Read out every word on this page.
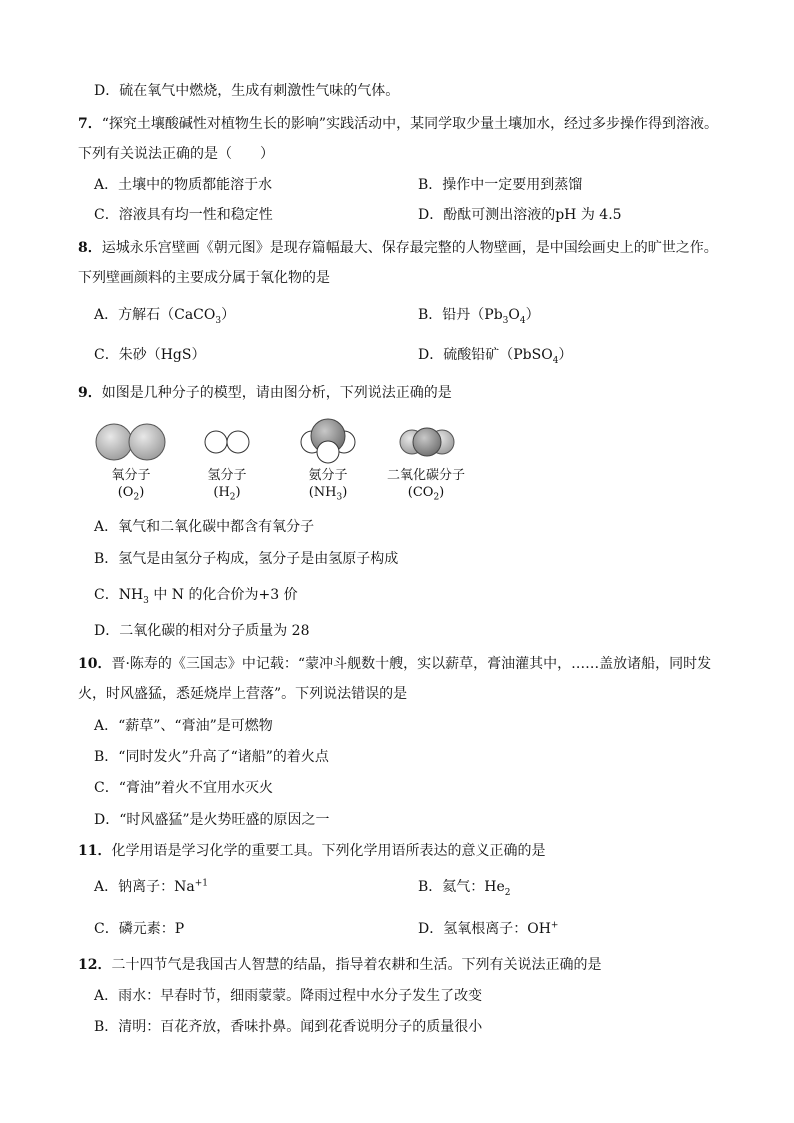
D．硫在氧气中燃烧，生成有刺激性气味的气体。
7．“探究土壤酸碱性对植物生长的影响”实践活动中，某同学取少量土壤加水，经过多步操作得到溶液。
下列有关说法正确的是（　　）
A．土壤中的物质都能溶于水	B．操作中一定要用到蒸馏
C．溶液具有均一性和稳定性	D．酚酞可测出溶液的pH 为 4.5
8．运城永乐宫壁画《朝元图》是现存篇幅最大、保存最完整的人物壁画，是中国绘画史上的旷世之作。
下列壁画颜料的主要成分属于氧化物的是
A．方解石（CaCO$_3$）	B．铅丹$(Pb_3O_4)$
C．朱砂（HgS）	D．硫酸铅矿（PbSO$_4$）
9．如图是几种分子的模型，请由图分析，下列说法正确的是
氧分子
$(O_2)$
氢分子
$(H_2)$
氨分子
$(NH_3)$
二氧化碳分子
$(CO_2)$
A．氧气和二氧化碳中都含有氧分子
B．氢气是由氢分子构成，氢分子是由氢原子构成
C．$NH_3$ 中 N 的化合价为+3 价
D．二氧化碳的相对分子质量为 28
10．晋·陈寿的《三国志》中记载：“蒙冲斗舰数十艘，实以薪草，膏油灌其中，……盖放诸船，同时发
火，时风盛猛，悉延烧岸上营落”。下列说法错误的是
A．“薪草”、“膏油”是可燃物
B．“同时发火”升高了“诸船”的着火点
C．“膏油”着火不宜用水灭火
D．“时风盛猛”是火势旺盛的原因之一
11．化学用语是学习化学的重要工具。下列化学用语所表达的意义正确的是
A．钠离子：$Na^{+1}$	B．氦气：$He_2$
C．磷元素：P	D．氢氧根离子：OH+
12．二十四节气是我国古人智慧的结晶，指导着农耕和生活。下列有关说法正确的是
A．雨水：早春时节，细雨蒙蒙。降雨过程中水分子发生了改变
B．清明：百花齐放，香味扑鼻。闻到花香说明分子的质量很小
